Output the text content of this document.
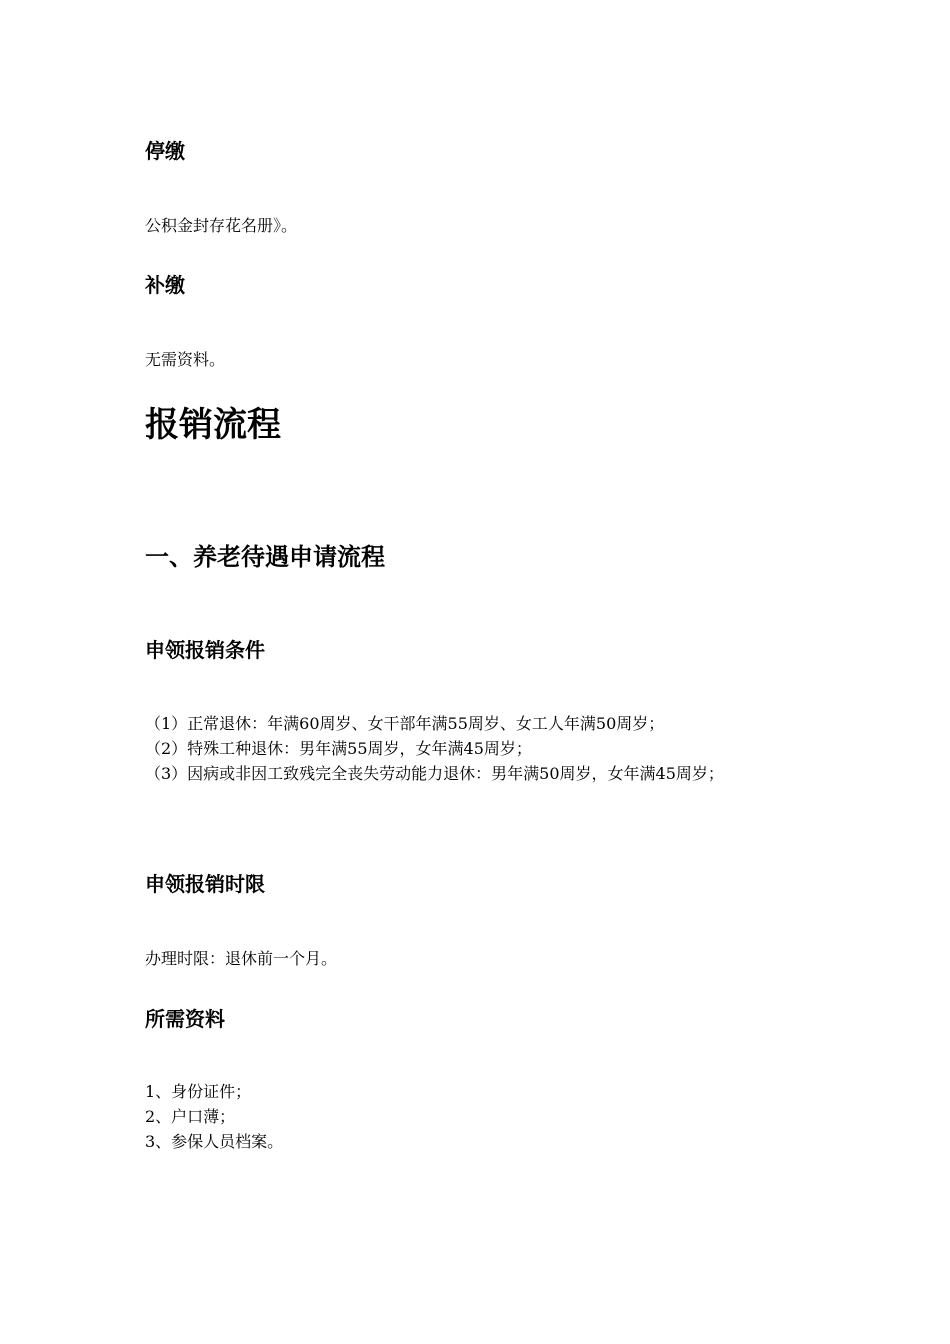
停缴

公积金封存花名册》。

补缴

无需资料。

报销流程
一、养老待遇申请流程
申领报销条件
（1）正常退休：年满60周岁、女干部年满55周岁、女工人年满50周岁；
（2）特殊工种退休：男年满55周岁，女年满45周岁；
（3）因病或非因工致残完全丧失劳动能力退休：男年满50周岁，女年满45周岁；
申领报销时限

办理时限：退休前一个月。

所需资料
1、身份证件；
2、户口薄；
3、参保人员档案。
